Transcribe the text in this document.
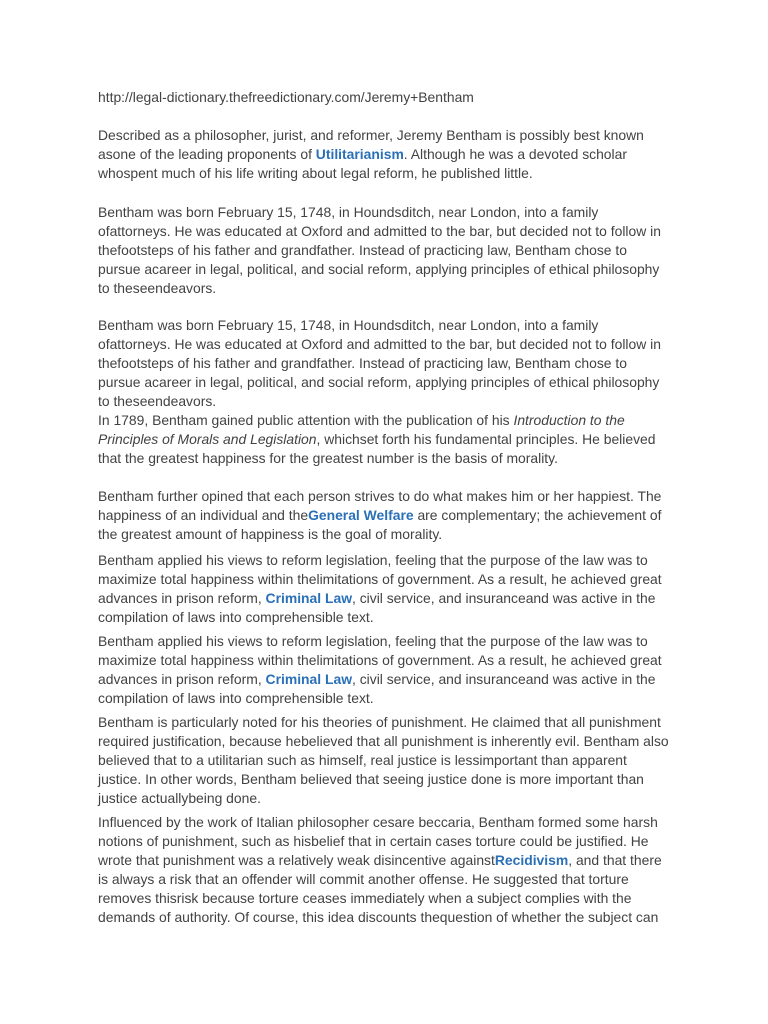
http://legal-dictionary.thefreedictionary.com/Jeremy+Bentham
Described as a philosopher, jurist, and reformer, Jeremy Bentham is possibly best known
asone of the leading proponents of Utilitarianism. Although he was a devoted scholar
whospent much of his life writing about legal reform, he published little.
Bentham was born February 15, 1748, in Houndsditch, near London, into a family
ofattorneys. He was educated at Oxford and admitted to the bar, but decided not to follow in
thefootsteps of his father and grandfather. Instead of practicing law, Bentham chose to
pursue acareer in legal, political, and social reform, applying principles of ethical philosophy
to theseendeavors.
Bentham was born February 15, 1748, in Houndsditch, near London, into a family
ofattorneys. He was educated at Oxford and admitted to the bar, but decided not to follow in
thefootsteps of his father and grandfather. Instead of practicing law, Bentham chose to
pursue acareer in legal, political, and social reform, applying principles of ethical philosophy
to theseendeavors.
In 1789, Bentham gained public attention with the publication of his Introduction to the
Principles of Morals and Legislation, whichset forth his fundamental principles. He believed
that the greatest happiness for the greatest number is the basis of morality.
Bentham further opined that each person strives to do what makes him or her happiest. The
happiness of an individual and theGeneral Welfare are complementary; the achievement of
the greatest amount of happiness is the goal of morality.
Bentham applied his views to reform legislation, feeling that the purpose of the law was to
maximize total happiness within thelimitations of government. As a result, he achieved great
advances in prison reform, Criminal Law, civil service, and insuranceand was active in the
compilation of laws into comprehensible text.
Bentham applied his views to reform legislation, feeling that the purpose of the law was to
maximize total happiness within thelimitations of government. As a result, he achieved great
advances in prison reform, Criminal Law, civil service, and insuranceand was active in the
compilation of laws into comprehensible text.
Bentham is particularly noted for his theories of punishment. He claimed that all punishment
required justification, because hebelieved that all punishment is inherently evil. Bentham also
believed that to a utilitarian such as himself, real justice is lessimportant than apparent
justice. In other words, Bentham believed that seeing justice done is more important than
justice actuallybeing done.
Influenced by the work of Italian philosopher cesare beccaria, Bentham formed some harsh
notions of punishment, such as hisbelief that in certain cases torture could be justified. He
wrote that punishment was a relatively weak disincentive againstRecidivism, and that there
is always a risk that an offender will commit another offense. He suggested that torture
removes thisrisk because torture ceases immediately when a subject complies with the
demands of authority. Of course, this idea discounts thequestion of whether the subject can
